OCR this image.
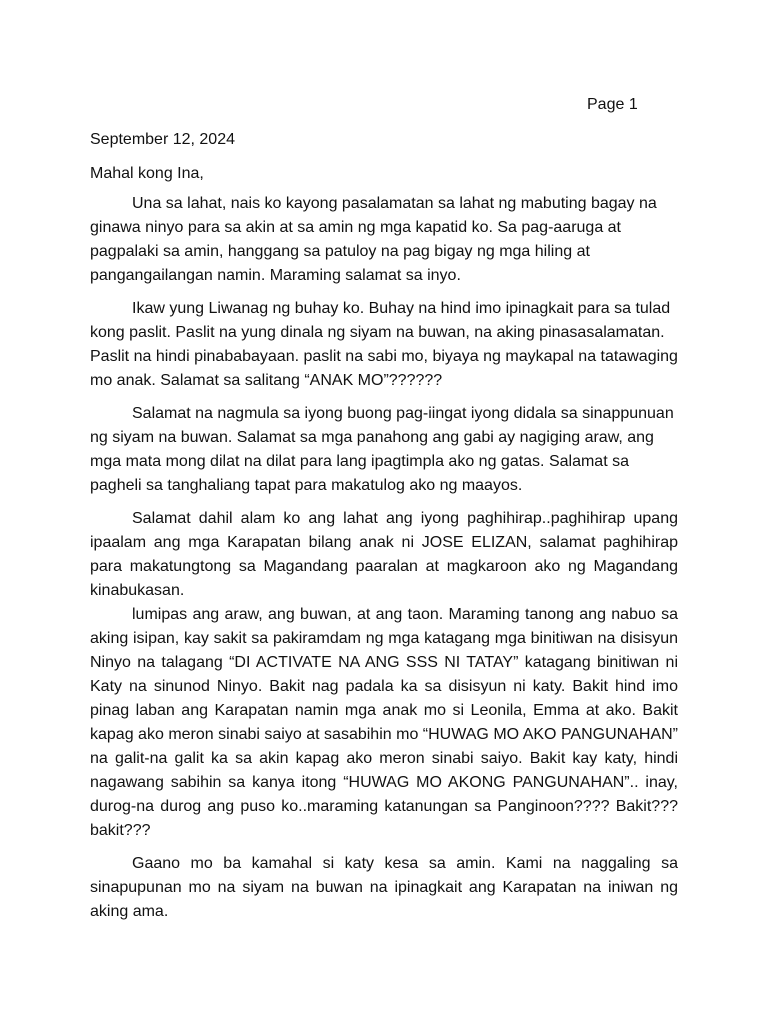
Page 1

September 12, 2024

Mahal kong Ina,

Una sa lahat, nais ko kayong pasalamatan sa lahat ng mabuting bagay na ginawa ninyo para sa akin at sa amin ng mga kapatid ko. Sa pag-aaruga at pagpalaki sa amin, hanggang sa patuloy na pag bigay ng mga hiling at pangangailangan namin. Maraming salamat sa inyo.

Ikaw yung Liwanag ng buhay ko. Buhay na hind imo ipinagkait para sa tulad kong paslit. Paslit na yung dinala ng siyam na buwan, na aking pinasasalamatan. Paslit na hindi pinababayaan. paslit na sabi mo, biyaya ng maykapal na tatawaging mo anak. Salamat sa salitang “ANAK MO”??????

Salamat na nagmula sa iyong buong pag-iingat iyong didala sa sinappunuan ng siyam na buwan. Salamat sa mga panahong ang gabi ay nagiging araw, ang mga mata mong dilat na dilat para lang ipagtimpla ako ng gatas. Salamat sa pagheli sa tanghaliang tapat para makatulog ako ng maayos.

Salamat dahil alam ko ang lahat ang iyong paghihirap..paghihirap upang ipaalam ang mga Karapatan bilang anak ni JOSE ELIZAN, salamat paghihirap para makatungtong sa Magandang paaralan at magkaroon ako ng Magandang kinabukasan.

lumipas ang araw, ang buwan, at ang taon. Maraming tanong ang nabuo sa aking isipan, kay sakit sa pakiramdam ng mga katagang mga binitiwan na disisyun Ninyo na talagang “DI ACTIVATE NA ANG SSS NI TATAY” katagang binitiwan ni Katy na sinunod Ninyo. Bakit nag padala ka sa disisyun ni katy. Bakit hind imo pinag laban ang Karapatan namin mga anak mo si Leonila, Emma at ako. Bakit kapag ako meron sinabi saiyo at sasabihin mo “HUWAG MO AKO PANGUNAHAN” na galit-na galit ka sa akin kapag ako meron sinabi saiyo. Bakit kay katy, hindi nagawang sabihin sa kanya itong “HUWAG MO AKONG PANGUNAHAN”.. inay, durog-na durog ang puso ko..maraming katanungan sa Panginoon???? Bakit???bakit???

Gaano mo ba kamahal si katy kesa sa amin. Kami na naggaling sa sinapupunan mo na siyam na buwan na ipinagkait ang Karapatan na iniwan ng aking ama.
